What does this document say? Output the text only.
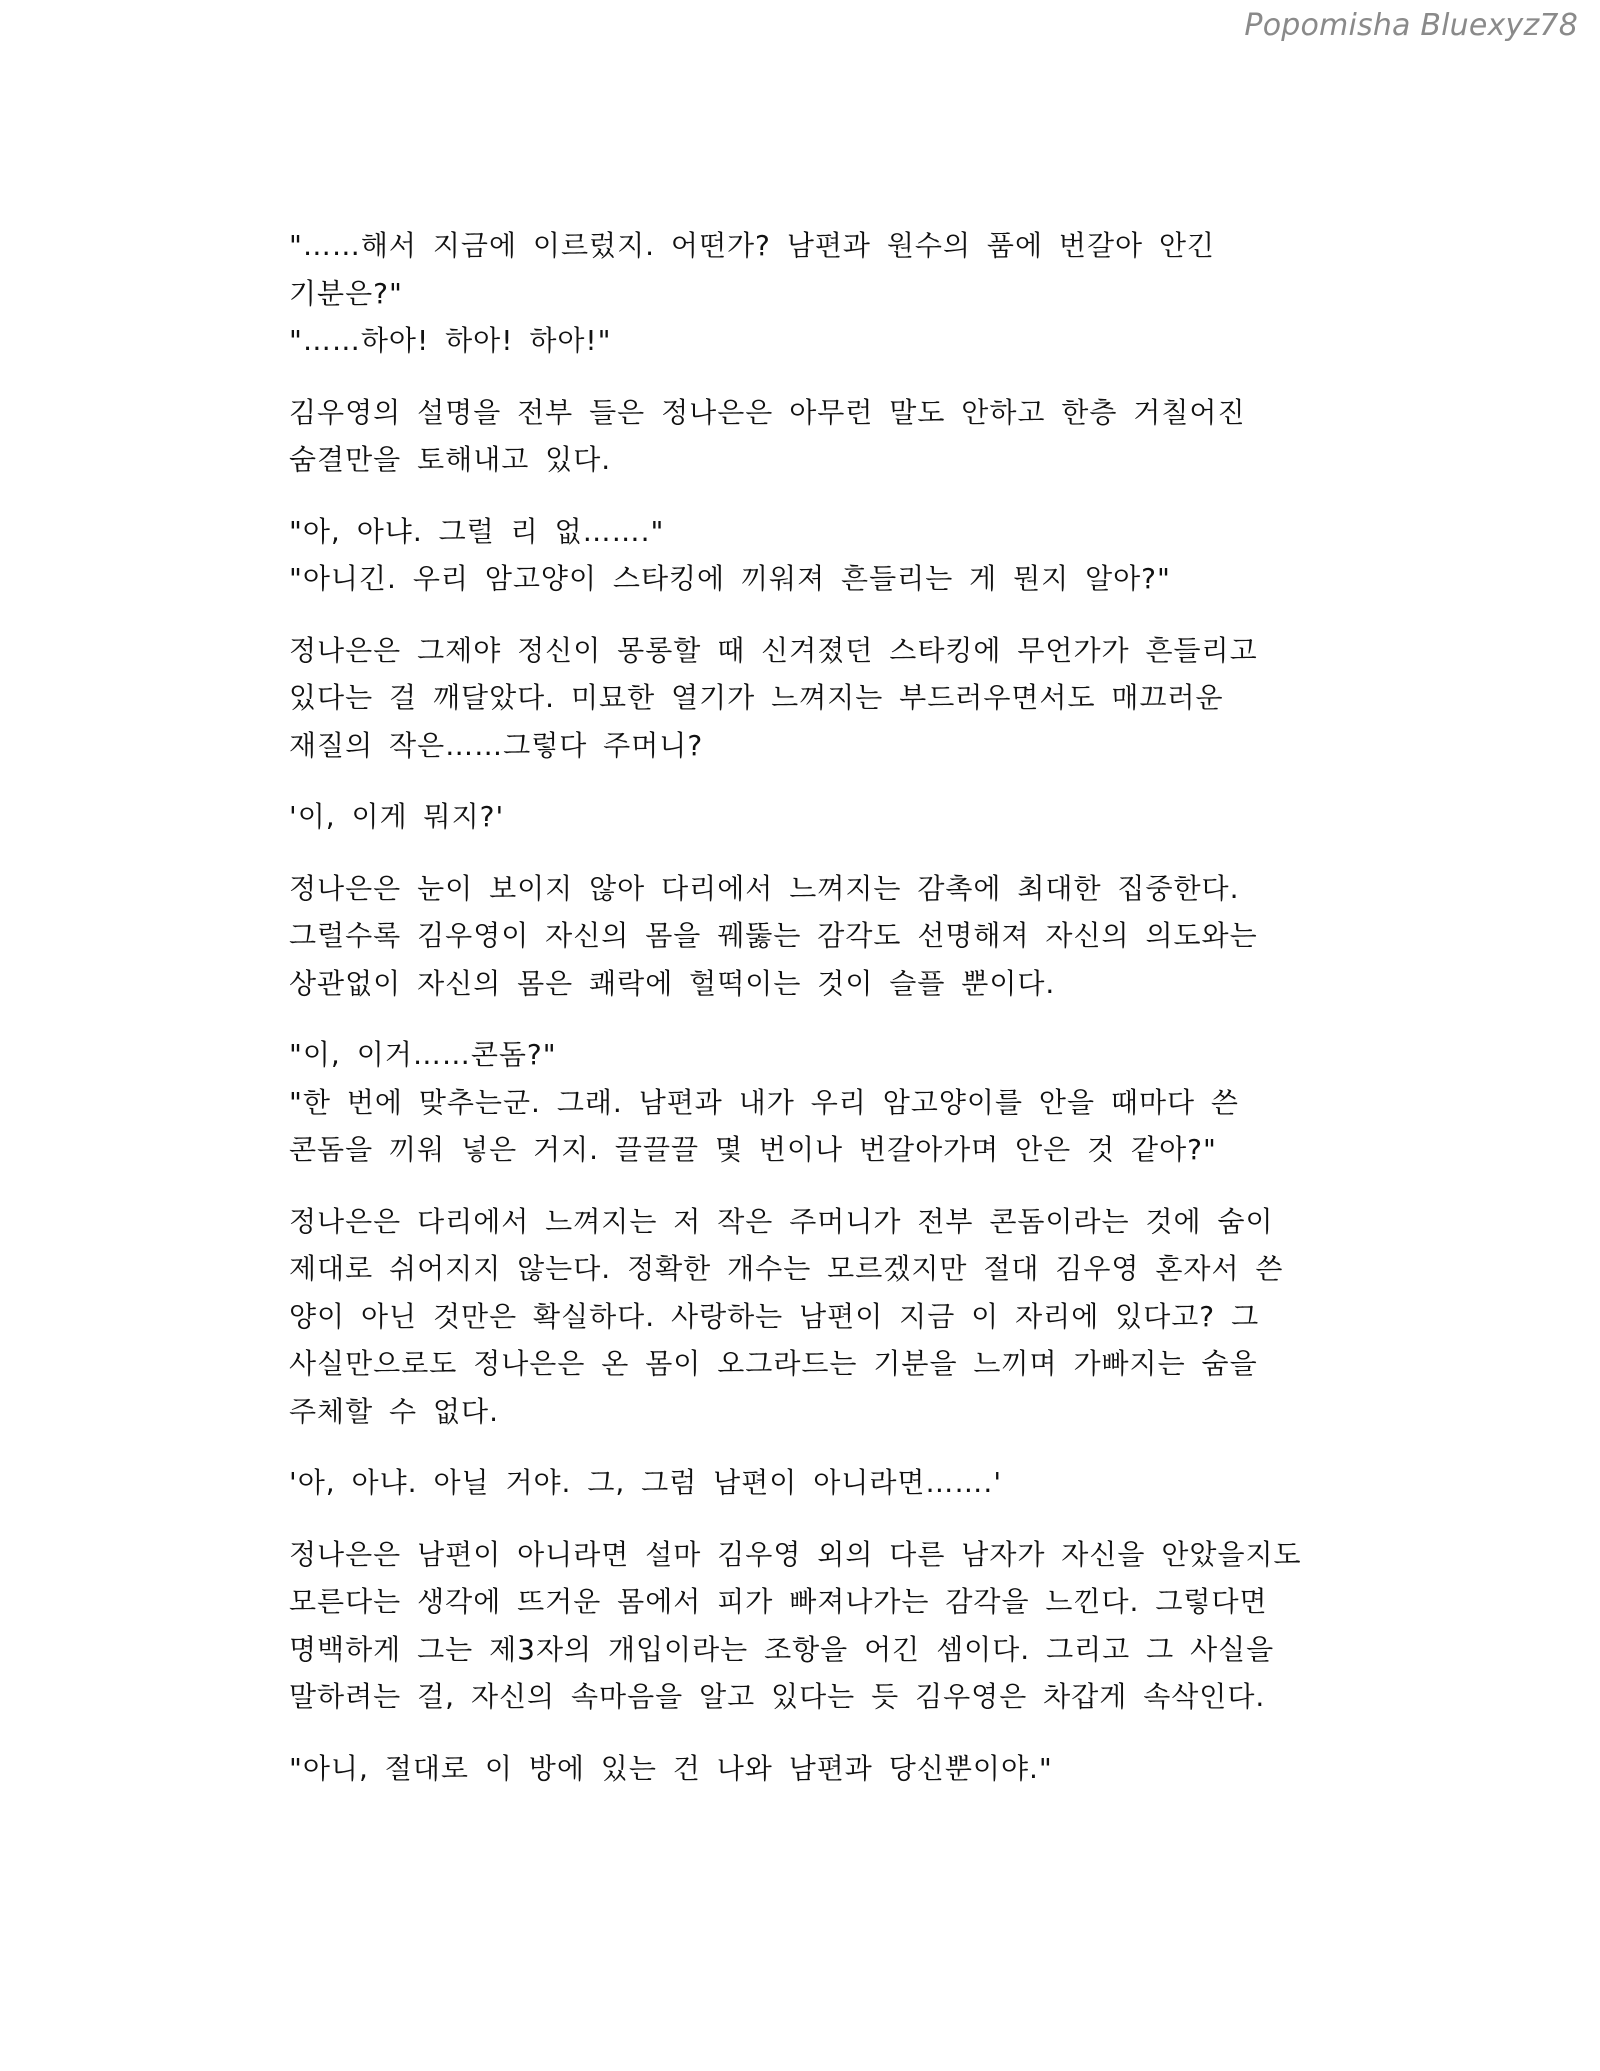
Popomisha Bluexyz78
"……해서 지금에 이르렀지. 어떤가? 남편과 원수의 품에 번갈아 안긴
기분은?"
"……하아! 하아! 하아!"
김우영의 설명을 전부 들은 정나은은 아무런 말도 안하고 한층 거칠어진
숨결만을 토해내고 있다.
"아, 아냐. 그럴 리 없……."
"아니긴. 우리 암고양이 스타킹에 끼워져 흔들리는 게 뭔지 알아?"
정나은은 그제야 정신이 몽롱할 때 신겨졌던 스타킹에 무언가가 흔들리고
있다는 걸 깨달았다. 미묘한 열기가 느껴지는 부드러우면서도 매끄러운
재질의 작은……그렇다 주머니?
'이, 이게 뭐지?'
정나은은 눈이 보이지 않아 다리에서 느껴지는 감촉에 최대한 집중한다.
그럴수록 김우영이 자신의 몸을 꿰뚫는 감각도 선명해져 자신의 의도와는
상관없이 자신의 몸은 쾌락에 헐떡이는 것이 슬플 뿐이다.
"이, 이거……콘돔?"
"한 번에 맞추는군. 그래. 남편과 내가 우리 암고양이를 안을 때마다 쓴
콘돔을 끼워 넣은 거지. 끌끌끌 몇 번이나 번갈아가며 안은 것 같아?"
정나은은 다리에서 느껴지는 저 작은 주머니가 전부 콘돔이라는 것에 숨이
제대로 쉬어지지 않는다. 정확한 개수는 모르겠지만 절대 김우영 혼자서 쓴
양이 아닌 것만은 확실하다. 사랑하는 남편이 지금 이 자리에 있다고? 그
사실만으로도 정나은은 온 몸이 오그라드는 기분을 느끼며 가빠지는 숨을
주체할 수 없다.
'아, 아냐. 아닐 거야. 그, 그럼 남편이 아니라면…….'
정나은은 남편이 아니라면 설마 김우영 외의 다른 남자가 자신을 안았을지도
모른다는 생각에 뜨거운 몸에서 피가 빠져나가는 감각을 느낀다. 그렇다면
명백하게 그는 제3자의 개입이라는 조항을 어긴 셈이다. 그리고 그 사실을
말하려는 걸, 자신의 속마음을 알고 있다는 듯 김우영은 차갑게 속삭인다.
"아니, 절대로 이 방에 있는 건 나와 남편과 당신뿐이야."
